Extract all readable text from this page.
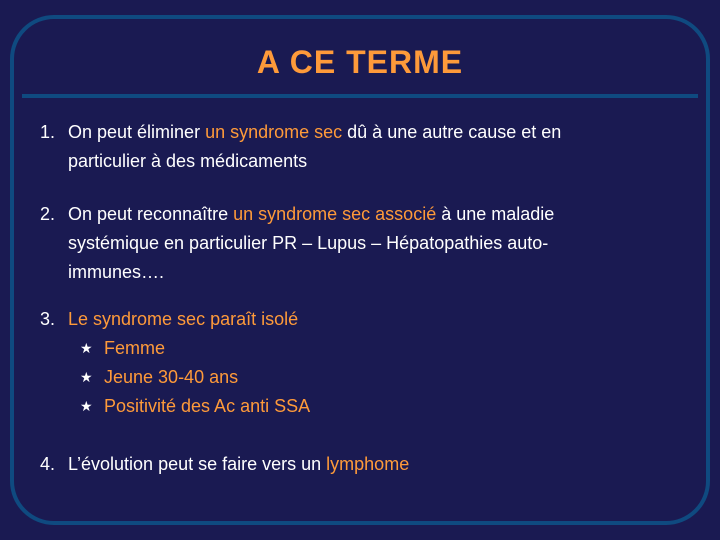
A CE TERME
1. On peut éliminer un syndrome sec dû à une autre cause et en
particulier à des médicaments
2. On peut reconnaître un syndrome sec associé à une maladie
systémique en particulier PR – Lupus – Hépatopathies auto-
immunes….
3. Le syndrome sec paraît isolé
★ Femme
★ Jeune 30-40 ans
★ Positivité des Ac anti SSA
4. L’évolution peut se faire vers un lymphome
